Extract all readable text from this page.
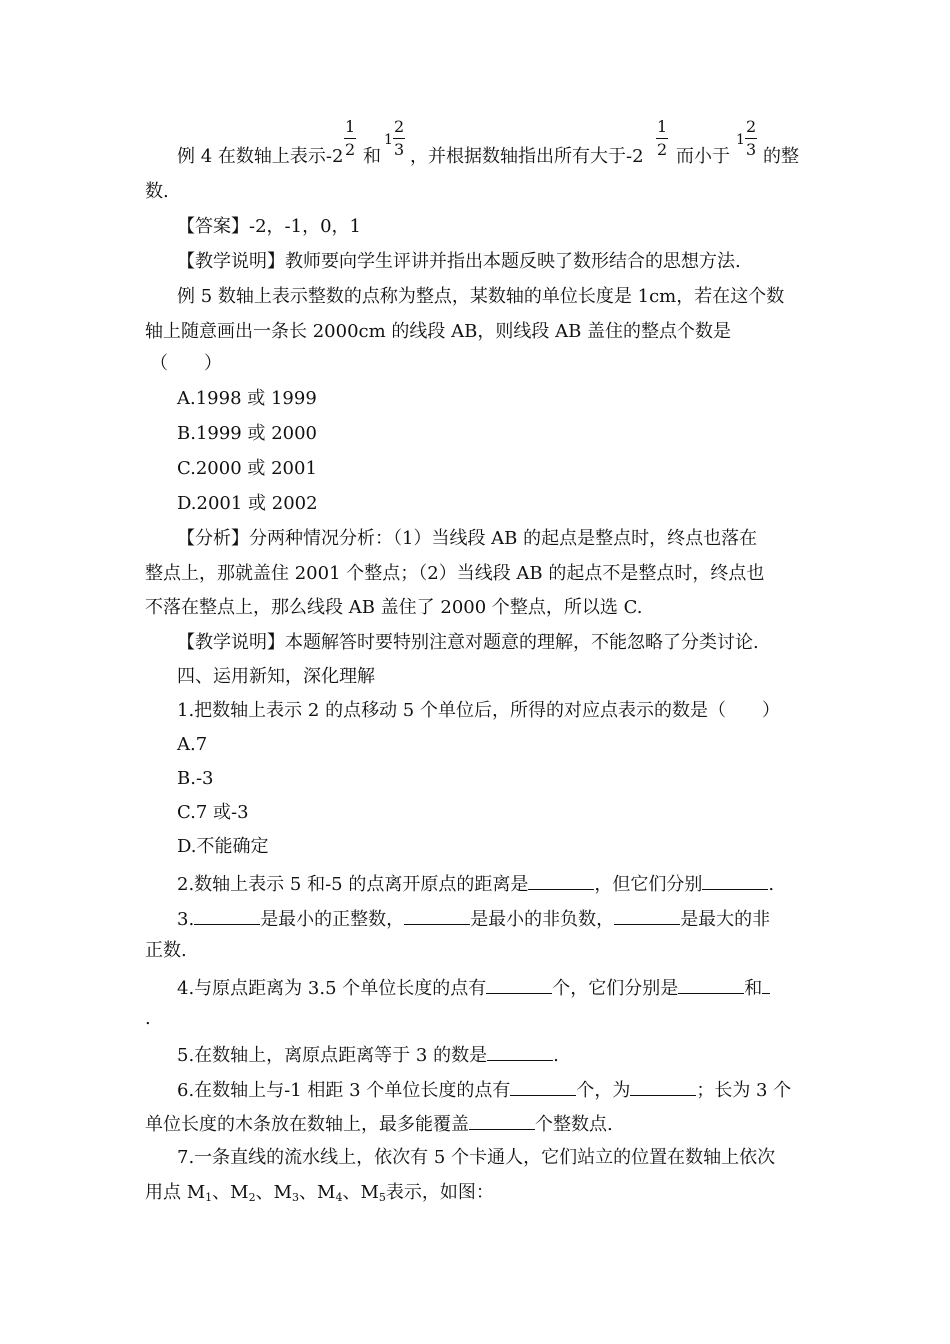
例 4 在数轴上表示$-2 \frac{1}{2}$ 和
$1 \frac{2}{3}$ ，并根据数轴指出所有大于$-2 \frac{1}{2}$ 而小于
$1 \frac{2}{3}$ 的整
数.
【答案】-2，-1，0，1
【教学说明】教师要向学生评讲并指出本题反映了数形结合的思想方法.
例 5 数轴上表示整数的点称为整点，某数轴的单位长度是 1cm，若在这个数
轴上随意画出一条长 2000cm 的线段 AB，则线段 AB 盖住的整点个数是
（　　）
A.1998 或 1999
B.1999 或 2000
C.2000 或 2001
D.2001 或 2002
【分析】分两种情况分析：（1）当线段 AB 的起点是整点时，终点也落在
整点上，那就盖住 2001 个整点；（2）当线段 AB 的起点不是整点时，终点也
不落在整点上，那么线段 AB 盖住了 2000 个整点，所以选 C.
【教学说明】本题解答时要特别注意对题意的理解，不能忽略了分类讨论.
四、运用新知，深化理解
1.把数轴上表示 2 的点移动 5 个单位后，所得的对应点表示的数是（　　）
A.7
B.-3
C.7 或-3
D.不能确定
2.数轴上表示 5 和-5 的点离开原点的距离是	，但它们分别	.
3.	是最小的正整数，	是最小的非负数，	是最大的非
正数.
4.与原点距离为 3.5 个单位长度的点有	个，它们分别是	和
.
5.在数轴上，离原点距离等于 3 的数是	.
6.在数轴上与-1 相距 3 个单位长度的点有	个，为	；长为 3 个
单位长度的木条放在数轴上，最多能覆盖	个整数点.
7.一条直线的流水线上，依次有 5 个卡通人，它们站立的位置在数轴上依次
用点 $M_1$、$M_2$、$M_3$、$M_4$、$M_5$表示，如图：
